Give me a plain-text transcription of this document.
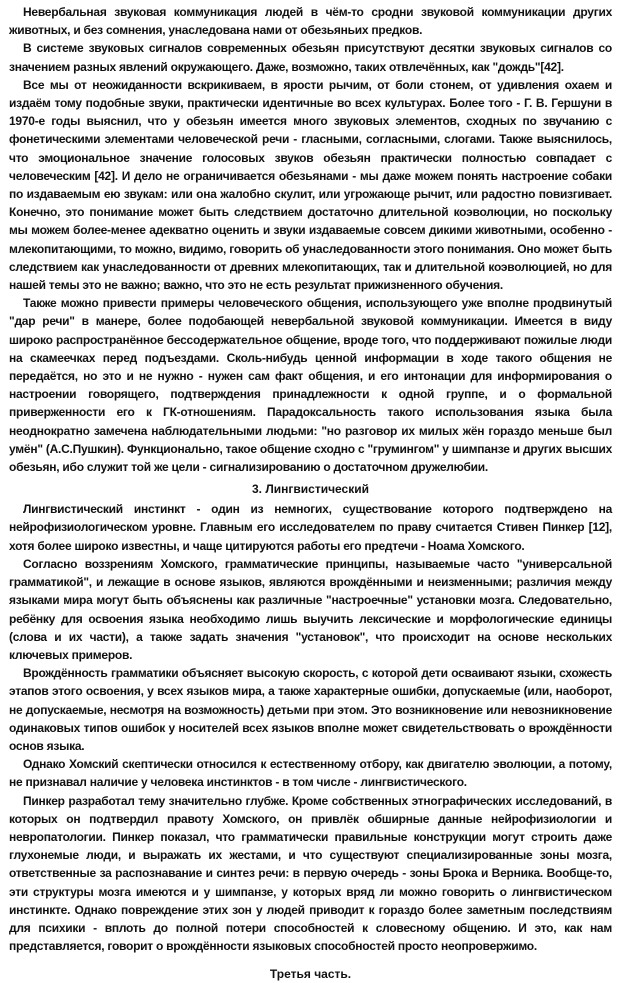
Невербальная звуковая коммуникация людей в чём-то сродни звуковой коммуникации других животных, и без сомнения, унаследована нами от обезьяньих предков.

В системе звуковых сигналов современных обезьян присутствуют десятки звуковых сигналов со значением разных явлений окружающего. Даже, возможно, таких отвлечённых, как "дождь"[42].

Все мы от неожиданности вскрикиваем, в ярости рычим, от боли стонем, от удивления охаем и издаём тому подобные звуки, практически идентичные во всех культурах. Более того - Г. В. Гершуни в 1970-е годы выяснил, что у обезьян имеется много звуковых элементов, сходных по звучанию с фонетическими элементами человеческой речи - гласными, согласными, слогами. Также выяснилось, что эмоциональное значение голосовых звуков обезьян практически полностью совпадает с человеческим [42]. И дело не ограничивается обезьянами - мы даже можем понять настроение собаки по издаваемым ею звукам: или она жалобно скулит, или угрожающе рычит, или радостно повизгивает. Конечно, это понимание может быть следствием достаточно длительной коэволюции, но поскольку мы можем более-менее адекватно оценить и звуки издаваемые совсем дикими животными, особенно - млекопитающими, то можно, видимо, говорить об унаследованности этого понимания. Оно может быть следствием как унаследованности от древних млекопитающих, так и длительной коэволюцией, но для нашей темы это не важно; важно, что это не есть результат прижизненного обучения.

Также можно привести примеры человеческого общения, использующего уже вполне продвинутый "дар речи" в манере, более подобающей невербальной звуковой коммуникации. Имеется в виду широко распространённое бессодержательное общение, вроде того, что поддерживают пожилые люди на скамеечках перед подъездами. Сколь-нибудь ценной информации в ходе такого общения не передаётся, но это и не нужно - нужен сам факт общения, и его интонации для информирования о настроении говорящего, подтверждения принадлежности к одной группе, и о формальной приверженности его к ГК-отношениям. Парадоксальность такого использования языка была неоднократно замечена наблюдательными людьми: "но разговор их милых жён гораздо меньше был умён" (А.С.Пушкин). Функционально, такое общение сходно с "грумингом" у шимпанзе и других высших обезьян, ибо служит той же цели - сигнализированию о достаточном дружелюбии.

3. Лингвистический

Лингвистический инстинкт - один из немногих, существование которого подтверждено на нейрофизиологическом уровне. Главным его исследователем по праву считается Стивен Пинкер [12], хотя более широко известны, и чаще цитируются работы его предтечи - Ноама Хомского.

Согласно воззрениям Хомского, грамматические принципы, называемые часто "универсальной грамматикой", и лежащие в основе языков, являются врождёнными и неизменными; различия между языками мира могут быть объяснены как различные "настроечные" установки мозга. Следовательно, ребёнку для освоения языка необходимо лишь выучить лексические и морфологические единицы (слова и их части), а также задать значения "установок", что происходит на основе нескольких ключевых примеров.

Врождённость грамматики объясняет высокую скорость, с которой дети осваивают языки, схожесть этапов этого освоения, у всех языков мира, а также характерные ошибки, допускаемые (или, наоборот, не допускаемые, несмотря на возможность) детьми при этом. Это возникновение или невозникновение одинаковых типов ошибок у носителей всех языков вполне может свидетельствовать о врождённости основ языка.

Однако Хомский скептически относился к естественному отбору, как двигателю эволюции, а потому, не признавал наличие у человека инстинктов - в том числе - лингвистического.

Пинкер разработал тему значительно глубже. Кроме собственных этнографических исследований, в которых он подтвердил правоту Хомского, он привлёк обширные данные нейрофизиологии и невропатологии. Пинкер показал, что грамматически правильные конструкции могут строить даже глухонемые люди, и выражать их жестами, и что существуют специализированные зоны мозга, ответственные за распознавание и синтез речи: в первую очередь - зоны Брока и Верника. Вообще-то, эти структуры мозга имеются и у шимпанзе, у которых вряд ли можно говорить о лингвистическом инстинкте. Однако повреждение этих зон у людей приводит к гораздо более заметным последствиям для психики - вплоть до полной потери способностей к словесному общению. И это, как нам представляется, говорит о врождённости языковых способностей просто неопровержимо.

Третья часть.
